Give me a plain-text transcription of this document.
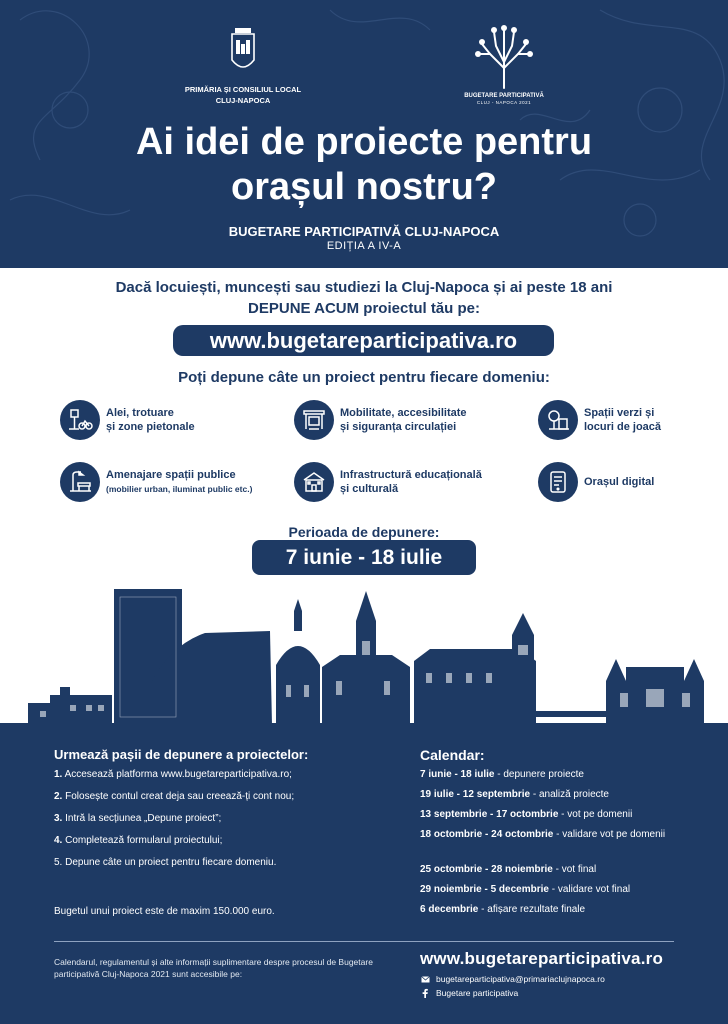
PRIMĂRIA ȘI CONSILIUL LOCAL
CLUJ-NAPOCA	BUGETARE PARTICIPATIVĂ
CLUJ - NAPOCA 2021
Ai idei de proiecte pentru
orașul nostru?
BUGETARE PARTICIPATIVĂ CLUJ-NAPOCA
EDIȚIA A IV-A
Dacă locuiești, muncești sau studiezi la Cluj-Napoca și ai peste 18 ani
DEPUNE ACUM proiectul tău pe:
www.bugetareparticipativa.ro
Poți depune câte un proiect pentru fiecare domeniu:
Alei, trotuare
și zone pietonale
Mobilitate, accesibilitate
și siguranța circulației
Spații verzi și
locuri de joacă
Amenajare spații publice
(mobilier urban, iluminat public etc.)
Infrastructură educațională
și culturală
Orașul digital
Perioada de depunere:
7 iunie - 18 iulie
Urmează pașii de depunere a proiectelor:
1. Accesează platforma www.bugetareparticipativa.ro;
2. Folosește contul creat deja sau creează-ți cont nou;
3. Intră la secțiunea „Depune proiect”;
4. Completează formularul proiectului;
5. Depune câte un proiect pentru fiecare domeniu.
Bugetul unui proiect este de maxim 150.000 euro.
Calendar:
7 iunie - 18 iulie - depunere proiecte
19 iulie - 12 septembrie - analiză proiecte
13 septembrie - 17 octombrie - vot pe domenii
18 octombrie - 24 octombrie - validare vot pe domenii
25 octombrie - 28 noiembrie - vot final
29 noiembrie - 5 decembrie - validare vot final
6 decembrie - afișare rezultate finale
Calendarul, regulamentul și alte informații suplimentare despre procesul de Bugetare participativă Cluj-Napoca 2021 sunt accesibile pe:
www.bugetareparticipativa.ro
bugetareparticipativa@primariaclujnapoca.ro
Bugetare participativa
